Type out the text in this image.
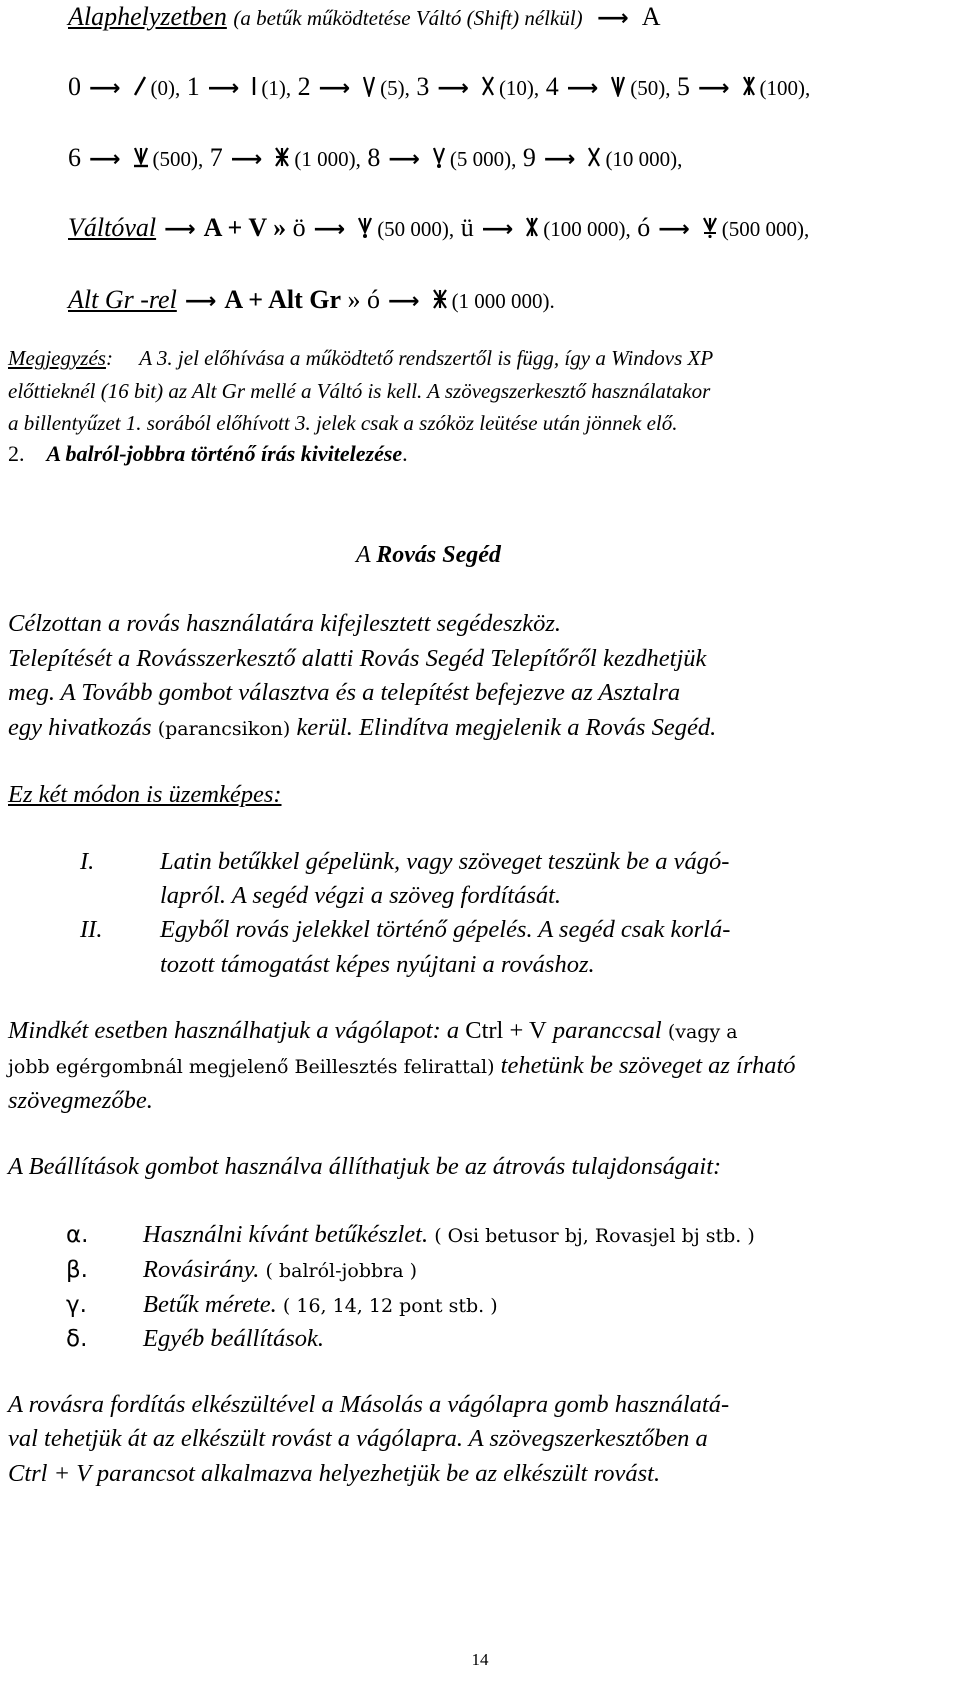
Alaphelyzetben (a betűk működtetése Váltó (Shift) nélkül) ⟶ A
0 ⟶ (0), 1 ⟶ (1), 2 ⟶ (5), 3 ⟶ (10), 4 ⟶ (50), 5 ⟶ (100),
6 ⟶ (500), 7 ⟶ (1 000), 8 ⟶ (5 000), 9 ⟶ (10 000),
Váltóval ⟶ A + V » ö ⟶ (50 000), ü ⟶ (100 000), ó ⟶ (500 000),
Alt Gr -rel ⟶ A + Alt Gr » ó ⟶ (1 000 000).
Megjegyzés: A 3. jel előhívása a működtető rendszertől is függ, így a Windovs XP
előttieknél (16 bit) az Alt Gr mellé a Váltó is kell. A szövegszerkesztő használatakor
a billentyűzet 1. sorából előhívott 3. jelek csak a szóköz leütése után jönnek elő.
2. A balról-jobbra történő írás kivitelezése.
A Rovás Segéd
Célzottan a rovás használatára kifejlesztett segédeszköz.
Telepítését a Rovásszerkesztő alatti Rovás Segéd Telepítőről kezdhetjük
meg. A Tovább gombot választva és a telepítést befejezve az Asztalra
egy hivatkozás (parancsikon) kerül. Elindítva megjelenik a Rovás Segéd.
Ez két módon is üzemképes:
I.	Latin betűkkel gépelünk, vagy szöveget teszünk be a vágó-
lapról. A segéd végzi a szöveg fordítását.
II. Egyből rovás jelekkel történő gépelés. A segéd csak korlá-
tozott támogatást képes nyújtani a rováshoz.
Mindkét esetben használhatjuk a vágólapot: a Ctrl + V paranccsal (vagy a
jobb egérgombnál megjelenő Beillesztés felirattal) tehetünk be szöveget az írható
szövegmezőbe.
A Beállítások gombot használva állíthatjuk be az átrovás tulajdonságait:
α. Használni kívánt betűkészlet. ( Osi betusor bj, Rovasjel bj stb. )
β. Rovásirány. ( balról-jobbra )
γ. Betűk mérete. ( 16, 14, 12 pont stb. )
δ. Egyéb beállítások.
A rovásra fordítás elkészültével a Másolás a vágólapra gomb használatá-
val tehetjük át az elkészült rovást a vágólapra. A szövegszerkesztőben a
Ctrl + V parancsot alkalmazva helyezhetjük be az elkészült rovást.
14
